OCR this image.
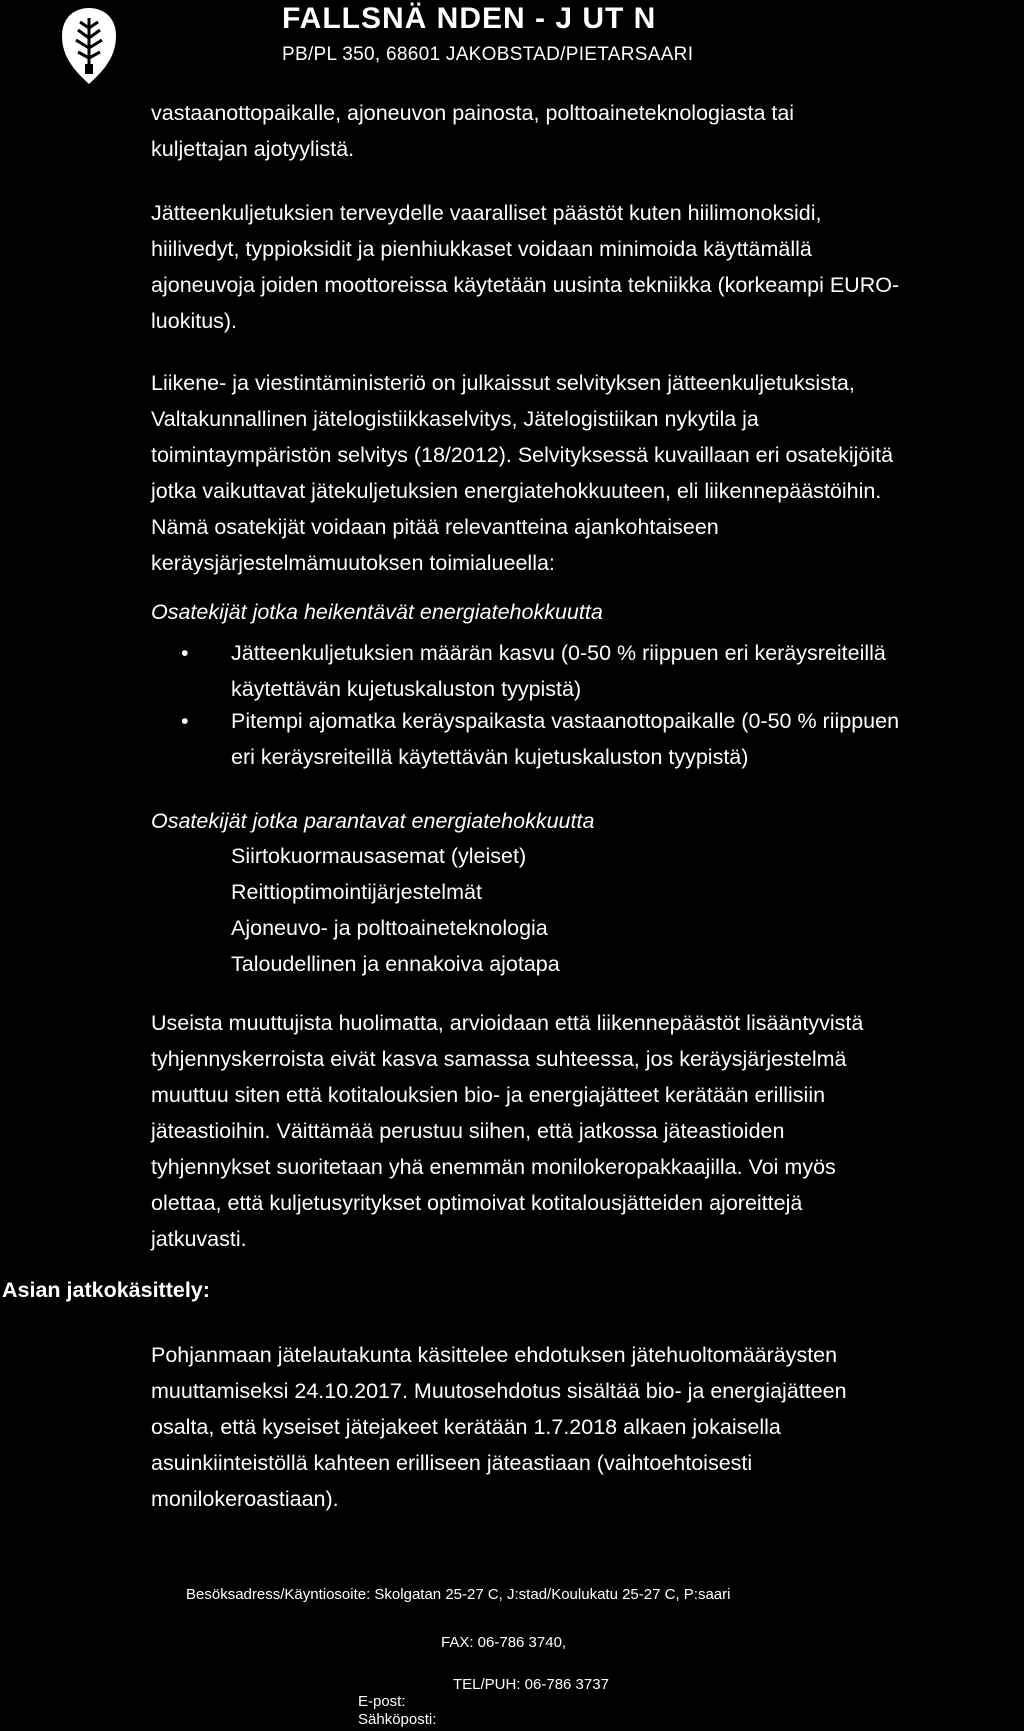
FALLSNÄ NDEN - J UT N
PB/PL 350, 68601 JAKOBSTAD/PIETARSAARI
vastaanottopaikalle, ajoneuvon painosta, polttoaineteknologiasta tai
kuljettajan ajotyylistä.
Jätteenkuljetuksien terveydelle vaaralliset päästöt kuten hiilimonoksidi,
hiilivedyt, typpioksidit ja pienhiukkaset voidaan minimoida käyttämällä
ajoneuvoja joiden moottoreissa käytetään uusinta tekniikka (korkeampi EURO-
luokitus).
Liikene- ja viestintäministeriö on julkaissut selvityksen jätteenkuljetuksista,
Valtakunnallinen jätelogistiikkaselvitys, Jätelogistiikan nykytila ja
toimintaympäristön selvitys (18/2012). Selvityksessä kuvaillaan eri osatekijöitä
jotka vaikuttavat jätekuljetuksien energiatehokkuuteen, eli liikennepäästöihin.
Nämä osatekijät voidaan pitää relevantteina ajankohtaiseen
keräysjärjestelmämuutoksen toimialueella:
Osatekijät jotka heikentävät energiatehokkuutta
• Jätteenkuljetuksien määrän kasvu (0-50 % riippuen eri keräysreiteillä
käytettävän kujetuskaluston tyypistä)
• Pitempi ajomatka keräyspaikasta vastaanottopaikalle (0-50 % riippuen
eri keräysreiteillä käytettävän kujetuskaluston tyypistä)
Osatekijät jotka parantavat energiatehokkuutta
Siirtokuormausasemat (yleiset)
Reittioptimointijärjestelmät
Ajoneuvo- ja polttoaineteknologia
Taloudellinen ja ennakoiva ajotapa
Useista muuttujista huolimatta, arvioidaan että liikennepäästöt lisääntyvistä
tyhjennyskerroista eivät kasva samassa suhteessa, jos keräysjärjestelmä
muuttuu siten että kotitalouksien bio- ja energiajätteet kerätään erillisiin
jäteastioihin. Väittämää perustuu siihen, että jatkossa jäteastioiden
tyhjennykset suoritetaan yhä enemmän monilokeropakkaajilla. Voi myös
olettaa, että kuljetusyritykset optimoivat kotitalousjätteiden ajoreittejä
jatkuvasti.
Asian jatkokäsittely:
Pohjanmaan jätelautakunta käsittelee ehdotuksen jätehuoltomääräysten
muuttamiseksi 24.10.2017. Muutosehdotus sisältää bio- ja energiajätteen
osalta, että kyseiset jätejakeet kerätään 1.7.2018 alkaen jokaisella
asuinkiinteistöllä kahteen erilliseen jäteastiaan (vaihtoehtoisesti
monilokeroastiaan).
Besöksadress/Käyntiosoite: Skolgatan 25-27 C, J:stad/Koulukatu 25-27 C, P:saari
FAX: 06-786 3740,
TEL/PUH: 06-786 3737
E-post:
Sähköposti:
